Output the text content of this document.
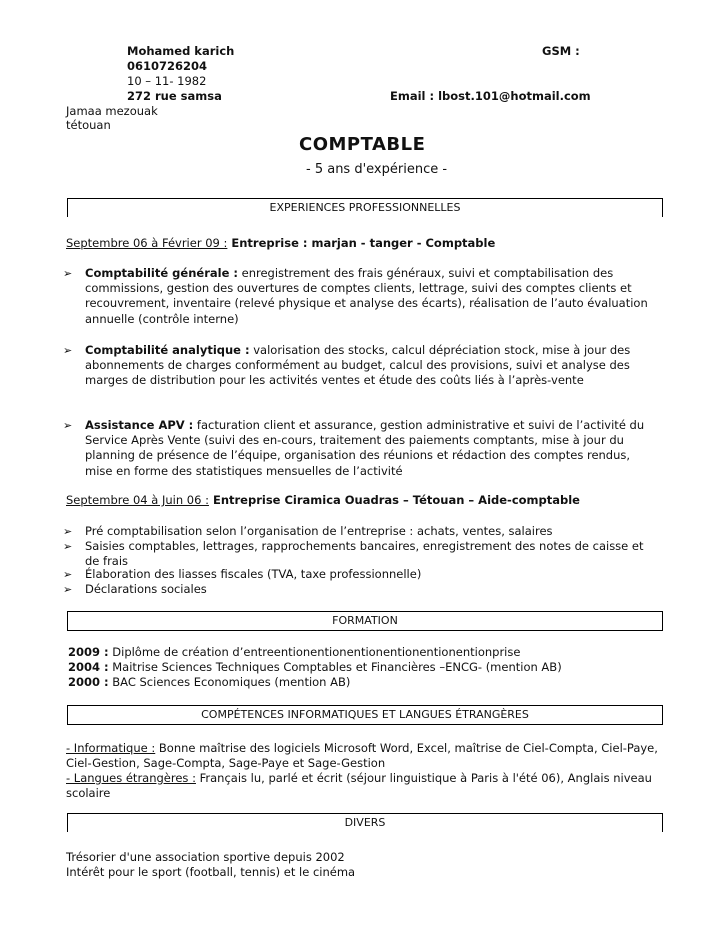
Mohamed karich
0610726204
10 – 11- 1982
272 rue samsa
Jamaa mezouak
tétouan
GSM :
Email : lbost.101@hotmail.com
COMPTABLE
- 5 ans d'expérience -
EXPERIENCES PROFESSIONNELLES
Septembre 06 à Février 09 : Entreprise : marjan - tanger - Comptable
➢ Comptabilité générale : enregistrement des frais généraux, suivi et comptabilisation des commissions, gestion des ouvertures de comptes clients, lettrage, suivi des comptes clients et recouvrement, inventaire (relevé physique et analyse des écarts), réalisation de l’auto évaluation annuelle (contrôle interne)

➢ Comptabilité analytique : valorisation des stocks, calcul dépréciation stock, mise à jour des abonnements de charges conformément au budget, calcul des provisions, suivi et analyse des marges de distribution pour les activités ventes et étude des coûts liés à l’après-vente

➢ Assistance APV : facturation client et assurance, gestion administrative et suivi de l’activité du Service Après Vente (suivi des en-cours, traitement des paiements comptants, mise à jour du planning de présence de l’équipe, organisation des réunions et rédaction des comptes rendus, mise en forme des statistiques mensuelles de l’activité

Septembre 04 à Juin 06 : Entreprise Ciramica Ouadras – Tétouan – Aide-comptable
➢ Pré comptabilisation selon l’organisation de l’entreprise : achats, ventes, salaires

➢ Saisies comptables, lettrages, rapprochements bancaires, enregistrement des notes de caisse et de frais

➢ Élaboration des liasses fiscales (TVA, taxe professionnelle)

➢ Déclarations sociales

FORMATION

2009 : Diplôme de création d’entreentionentionentionentionentionentionprise

2004 : Maitrise Sciences Techniques Comptables et Financières –ENCG- (mention AB)

2000 : BAC Sciences Economiques (mention AB)

COMPÉTENCES INFORMATIQUES ET LANGUES ÉTRANGÈRES
- Informatique : Bonne maîtrise des logiciels Microsoft Word, Excel, maîtrise de Ciel-Compta, Ciel-Paye, Ciel-Gestion, Sage-Compta, Sage-Paye et Sage-Gestion
- Langues étrangères : Français lu, parlé et écrit (séjour linguistique à Paris à l'été 06), Anglais niveau scolaire
DIVERS

Trésorier d'une association sportive depuis 2002

Intérêt pour le sport (football, tennis) et le cinéma
